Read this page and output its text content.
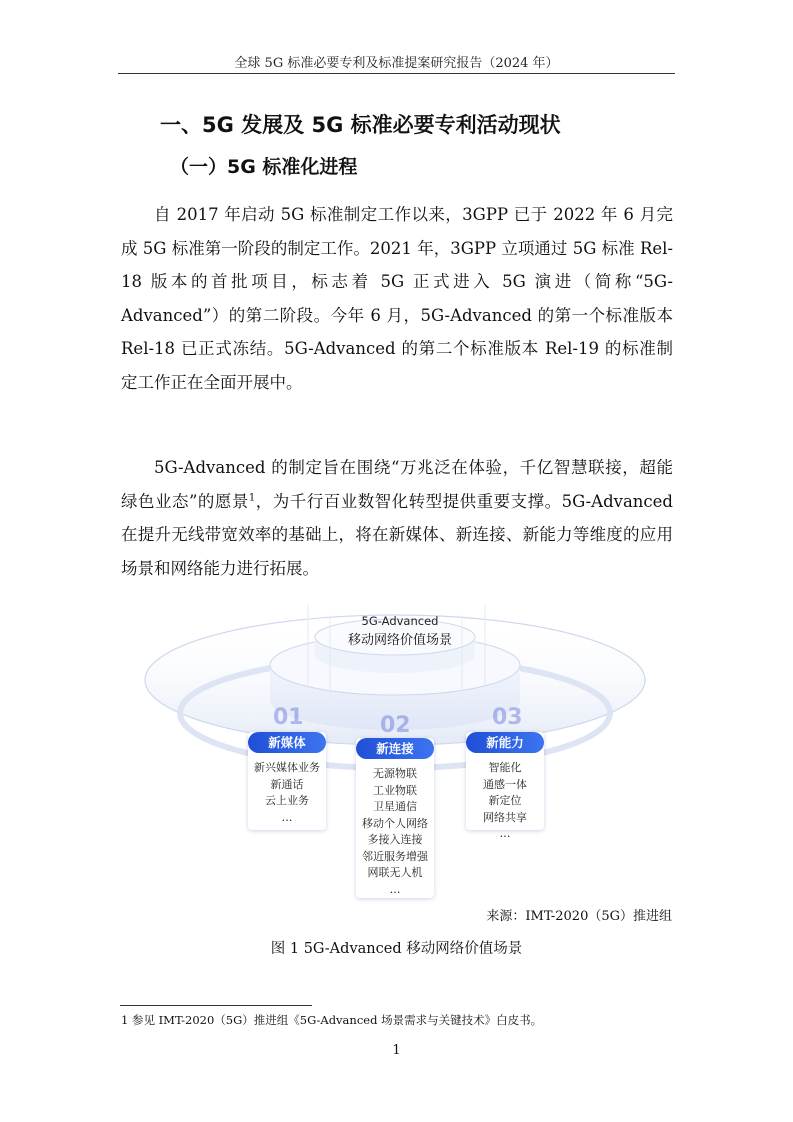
全球 5G 标准必要专利及标准提案研究报告（2024 年）
一、5G 发展及 5G 标准必要专利活动现状
（一）5G 标准化进程

自 2017 年启动 5G 标准制定工作以来，3GPP 已于 2022 年 6 月完成 5G 标准第一阶段的制定工作。2021 年，3GPP 立项通过 5G 标准 Rel-18 版本的首批项目，标志着 5G 正式进入 5G 演进（简称“5G-Advanced”）的第二阶段。今年 6 月，5G-Advanced 的第一个标准版本 Rel-18 已正式冻结。5G-Advanced 的第二个标准版本 Rel-19 的标准制定工作正在全面开展中。

5G-Advanced 的制定旨在围绕“万兆泛在体验，千亿智慧联接，超能绿色业态”的愿景$^1$，为千行百业数智化转型提供重要支撑。5G-Advanced 在提升无线带宽效率的基础上，将在新媒体、新连接、新能力等维度的应用场景和网络能力进行拓展。

5G-Advanced
移动网络价值场景
01	02	03
新媒体
新兴媒体业务
新通话
云上业务
…
新连接
无源物联
工业物联
卫星通信
移动个人网络
多接入连接
邻近服务增强
网联无人机
…
新能力
智能化
通感一体
新定位
网络共享
…
来源：IMT-2020（5G）推进组
图 1 5G-Advanced 移动网络价值场景
1 参见 IMT-2020（5G）推进组《5G-Advanced 场景需求与关键技术》白皮书。
1
